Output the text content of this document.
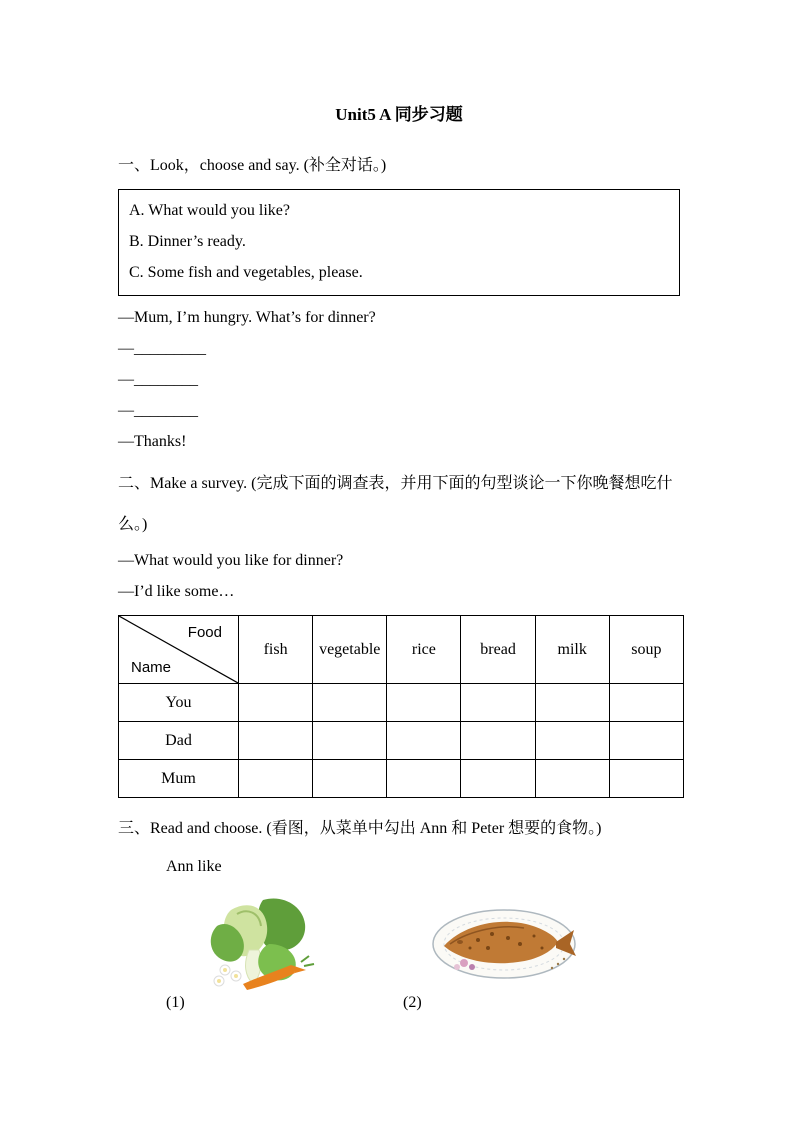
Unit5 A 同步习题

一、Look，choose and say. (补全对话。)

A. What would you like?

B. Dinner’s ready.

C. Some fish and vegetables, please.

—Mum, I’m hungry. What’s for dinner?

—_________

—________

—________

—Thanks!

二、Make a survey. (完成下面的调查表，并用下面的句型谈论一下你晚餐想吃什么。)

—What would you like for dinner?

—I’d like some…

Food
Name	fish	vegetable	rice	bread	milk	soup
You						
Dad						
Mum						

三、Read and choose. (看图，从菜单中勾出 Ann 和 Peter 想要的食物。)

Ann like

(1)	(2)
